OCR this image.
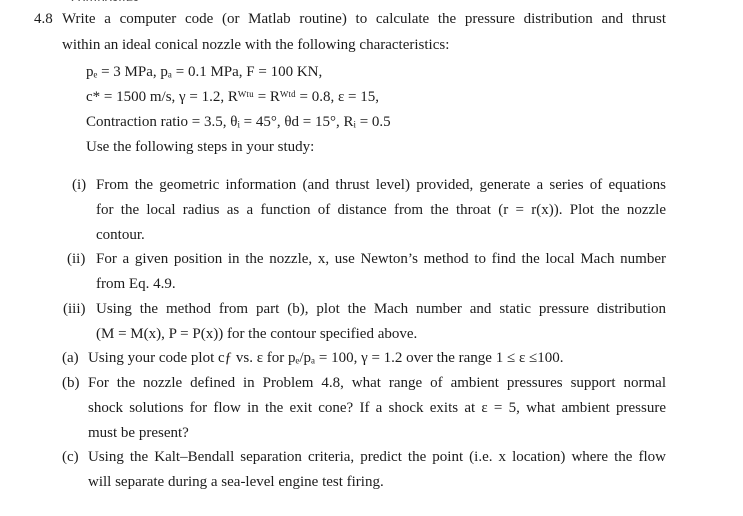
4.8 Write a computer code (or Matlab routine) to calculate the pressure distribution and thrust
within an ideal conical nozzle with the following characteristics:
pₑ = 3 MPa, pₐ = 0.1 MPa, F = 100 KN,
c* = 1500 m/s, γ = 1.2, Rᵂᵗᵘ = Rᵂᵗᵈ = 0.8, ε = 15,
Contraction ratio = 3.5, θᵢ = 45°, θd = 15°, Rᵢ = 0.5
Use the following steps in your study:
(i) From the geometric information (and thrust level) provided, generate a series of equations
for the local radius as a function of distance from the throat (r = r(x)). Plot the nozzle
contour.
(ii) For a given position in the nozzle, x, use Newton’s method to find the local Mach number
from Eq. 4.9.
(iii) Using the method from part (b), plot the Mach number and static pressure distribution
(M = M(x), P = P(x)) for the contour specified above.
(a) Using your code plot cƒ vs. ε for pₑ/pₐ = 100, γ = 1.2 over the range 1 ≤ ε ≤100.
(b) For the nozzle defined in Problem 4.8, what range of ambient pressures support normal
shock solutions for flow in the exit cone? If a shock exits at ε = 5, what ambient pressure
must be present?
(c) Using the Kalt–Bendall separation criteria, predict the point (i.e. x location) where the flow
will separate during a sea-level engine test firing.
